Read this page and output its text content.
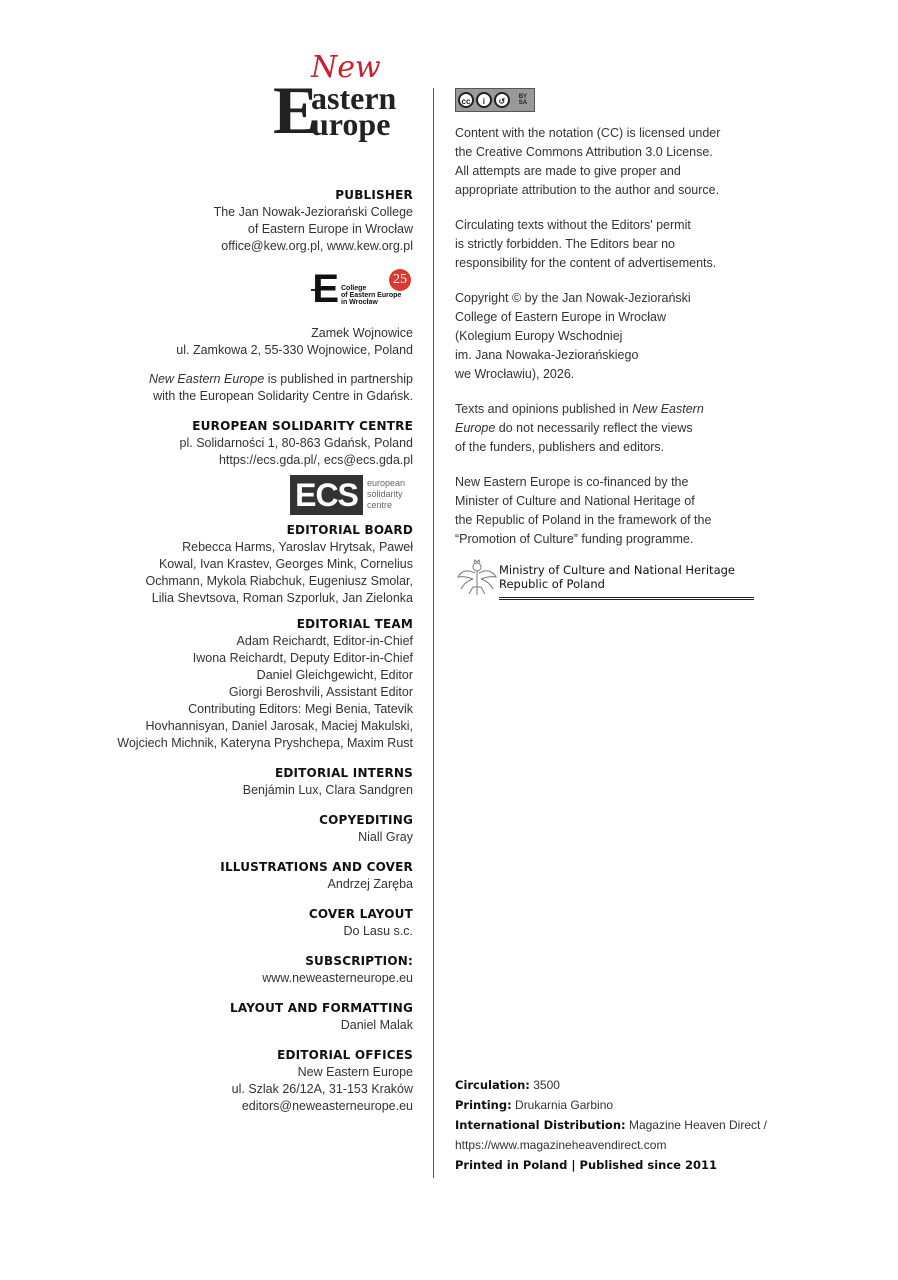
New
E
astern
urope
PUBLISHER
The Jan Nowak-Jeziorański College
of Eastern Europe in Wrocław
office@kew.org.pl, www.kew.org.pl
E College
of Eastern Europe
in Wrocław
25
Zamek Wojnowice
ul. Zamkowa 2, 55-330 Wojnowice, Poland
New Eastern Europe is published in partnership
with the European Solidarity Centre in Gdańsk.
EUROPEAN SOLIDARITY CENTRE
pl. Solidarności 1, 80-863 Gdańsk, Poland
https://ecs.gda.pl/, ecs@ecs.gda.pl
ECS	european
solidarity
centre
EDITORIAL BOARD
Rebecca Harms, Yaroslav Hrytsak, Paweł
Kowal, Ivan Krastev, Georges Mink, Cornelius
Ochmann, Mykola Riabchuk, Eugeniusz Smolar,
Lilia Shevtsova, Roman Szporluk, Jan Zielonka
EDITORIAL TEAM
Adam Reichardt, Editor-in-Chief
Iwona Reichardt, Deputy Editor-in-Chief
Daniel Gleichgewicht, Editor
Giorgi Beroshvili, Assistant Editor
Contributing Editors: Megi Benia, Tatevik
Hovhannisyan, Daniel Jarosak, Maciej Makulski,
Wojciech Michnik, Kateryna Pryshchepa, Maxim Rust
EDITORIAL INTERNS
Benjámin Lux, Clara Sandgren
COPYEDITING
Niall Gray
ILLUSTRATIONS AND COVER
Andrzej Zaręba
COVER LAYOUT
Do Lasu s.c.
SUBSCRIPTION:
www.neweasterneurope.eu
LAYOUT AND FORMATTING
Daniel Malak
EDITORIAL OFFICES
New Eastern Europe
ul. Szlak 26/12A, 31-153 Kraków
editors@neweasterneurope.eu
cc	i	↺	BY SA
Content with the notation (CC) is licensed under
the Creative Commons Attribution 3.0 License.
All attempts are made to give proper and
appropriate attribution to the author and source.
Circulating texts without the Editors' permit
is strictly forbidden. The Editors bear no
responsibility for the content of advertisements.
Copyright © by the Jan Nowak-Jeziorański
College of Eastern Europe in Wrocław
(Kolegium Europy Wschodniej
im. Jana Nowaka-Jeziorańskiego
we Wrocławiu), 2026.
Texts and opinions published in New Eastern
Europe do not necessarily reflect the views
of the funders, publishers and editors.
New Eastern Europe is co-financed by the
Minister of Culture and National Heritage of
the Republic of Poland in the framework of the
“Promotion of Culture” funding programme.
Ministry of Culture and National Heritage
Republic of Poland
Circulation: 3500
Printing: Drukarnia Garbino
International Distribution: Magazine Heaven Direct /
https://www.magazineheavendirect.com
Printed in Poland | Published since 2011
